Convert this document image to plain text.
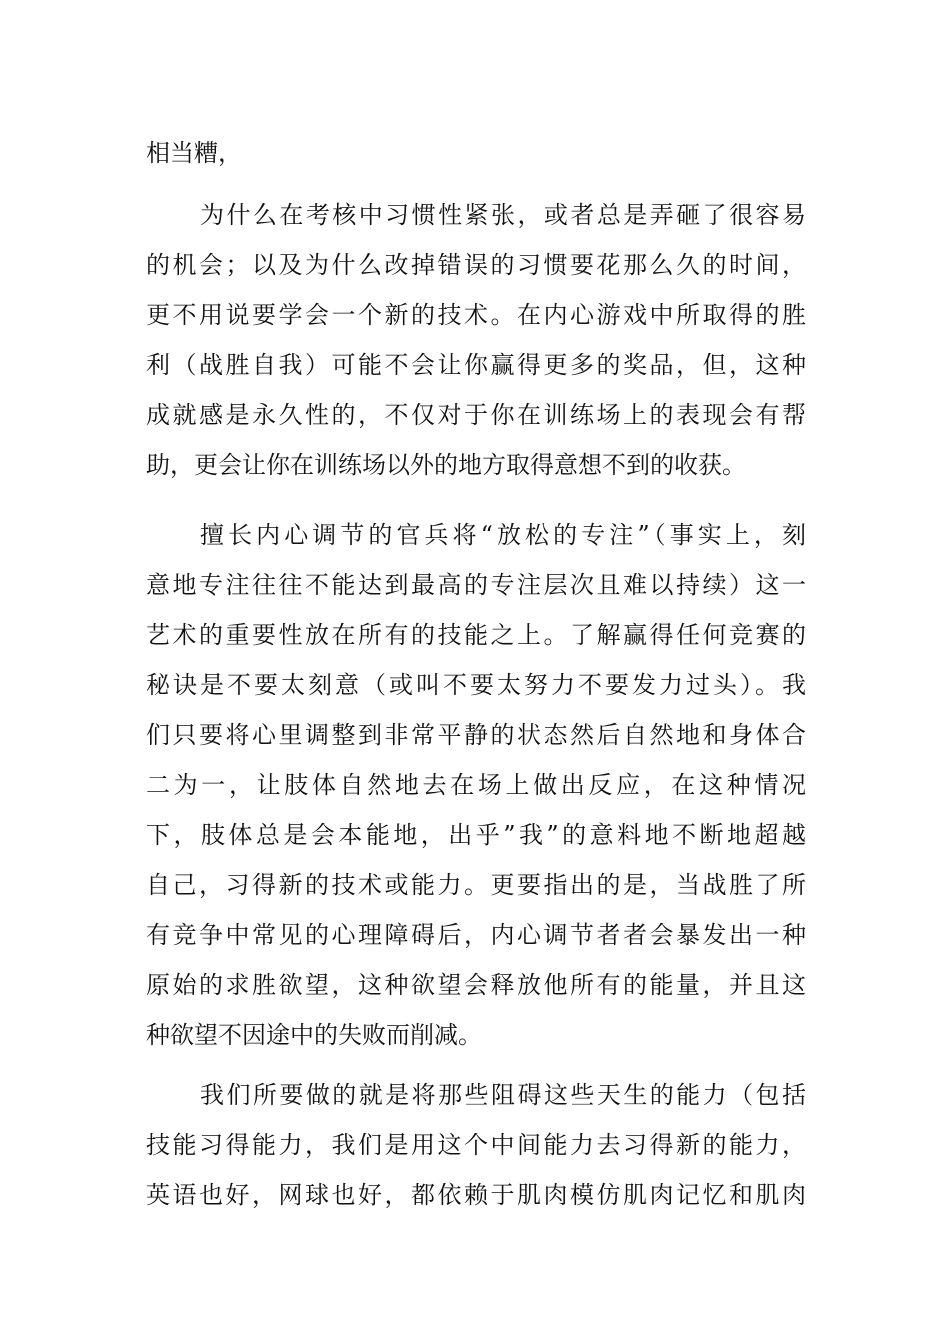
相当糟，
为什么在考核中习惯性紧张，或者总是弄砸了很容易
的机会；以及为什么改掉错误的习惯要花那么久的时间，
更不用说要学会一个新的技术。在内心游戏中所取得的胜
利（战胜自我）可能不会让你赢得更多的奖品，但，这种
成就感是永久性的，不仅对于你在训练场上的表现会有帮
助，更会让你在训练场以外的地方取得意想不到的收获。
擅长内心调节的官兵将“放松的专注”（事实上，刻
意地专注往往不能达到最高的专注层次且难以持续）这一
艺术的重要性放在所有的技能之上。了解赢得任何竞赛的
秘诀是不要太刻意（或叫不要太努力不要发力过头）。我
们只要将心里调整到非常平静的状态然后自然地和身体合
二为一，让肢体自然地去在场上做出反应，在这种情况
下，肢体总是会本能地，出乎”我”的意料地不断地超越
自己，习得新的技术或能力。更要指出的是，当战胜了所
有竞争中常见的心理障碍后，内心调节者者会暴发出一种
原始的求胜欲望，这种欲望会释放他所有的能量，并且这
种欲望不因途中的失败而削减。
我们所要做的就是将那些阻碍这些天生的能力（包括
技能习得能力，我们是用这个中间能力去习得新的能力，
英语也好，网球也好，都依赖于肌肉模仿肌肉记忆和肌肉
